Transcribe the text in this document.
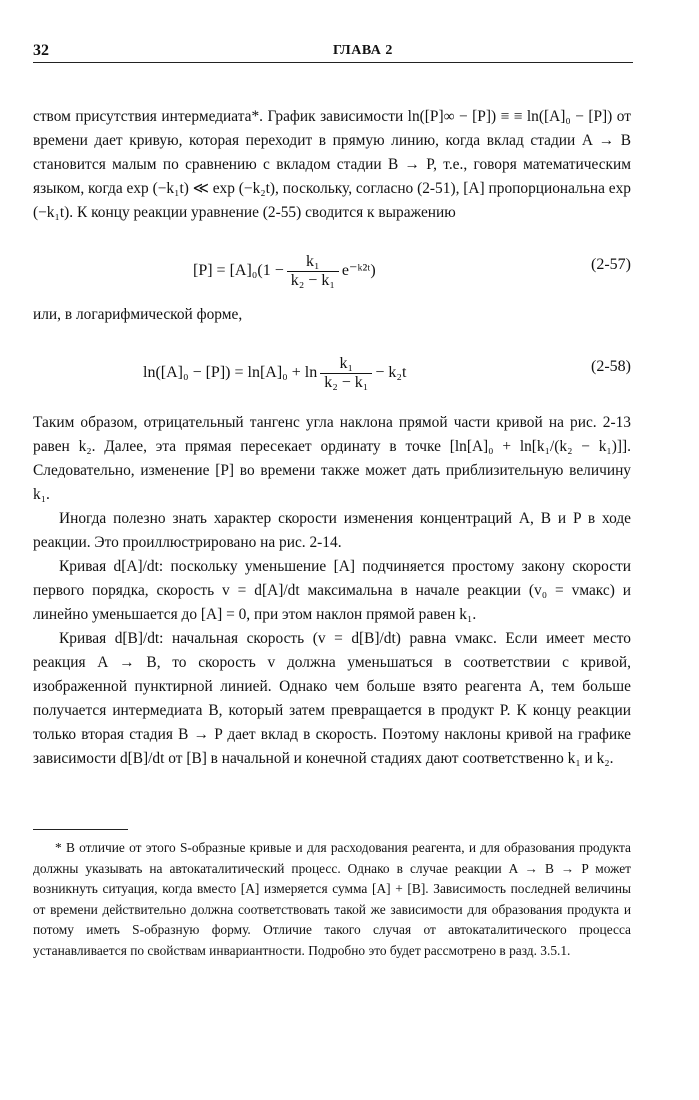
32	ГЛАВА 2

ством присутствия интермедиата*. График зависимости ln([P]∞ − [P]) ≡ ≡ ln([A]₀ − [P]) от времени дает кривую, которая переходит в прямую линию, когда вклад стадии A → B становится малым по сравнению с вкладом стадии B → P, т.е., говоря математическим языком, когда exp (−k₁t) ≪ exp (−k₂t), поскольку, согласно (2-51), [A] пропорциональна exp (−k₁t). К концу реакции уравнение (2-55) сводится к выражению

$[P] = [A]_0(1 - \frac{\text{k₁}}{\text{k₂ − k₁}}$ e⁻ᵏ²ᵗ)	(2-57)

или, в логарифмической форме,

$\ln([A]_0 - [P]) = \ln[A]_0 + \ln \frac{\text{k₁}}{\text{k₂ − k₁}} - k_2t$	(2-58)

Таким образом, отрицательный тангенс угла наклона прямой части кривой на рис. 2-13 равен k₂. Далее, эта прямая пересекает ординату в точке [ln[A]₀ + ln[k₁/(k₂ − k₁)]]. Следовательно, изменение [P] во времени также может дать приблизительную величину k₁.

Иногда полезно знать характер скорости изменения концентраций A, B и P в ходе реакции. Это проиллюстрировано на рис. 2-14.

Кривая d[A]/dt: поскольку уменьшение [A] подчиняется простому закону скорости первого порядка, скорость v = d[A]/dt максимальна в начале реакции (v₀ = vмакс) и линейно уменьшается до [A] = 0, при этом наклон прямой равен k₁.

Кривая d[B]/dt: начальная скорость (v = d[B]/dt) равна vмакс. Если имеет место реакция A → B, то скорость v должна уменьшаться в соответствии с кривой, изображенной пунктирной линией. Однако чем больше взято реагента A, тем больше получается интермедиата B, который затем превращается в продукт P. К концу реакции только вторая стадия B → P дает вклад в скорость. Поэтому наклоны кривой на графике зависимости d[B]/dt от [B] в начальной и конечной стадиях дают соответственно k₁ и k₂.

* В отличие от этого S-образные кривые и для расходования реагента, и для образования продукта должны указывать на автокаталитический процесс. Однако в случае реакции A → B → P может возникнуть ситуация, когда вместо [A] измеряется сумма [A] + [B]. Зависимость последней величины от времени действительно должна соответствовать такой же зависимости для образования продукта и потому иметь S-образную форму. Отличие такого случая от автокаталитического процесса устанавливается по свойствам инвариантности. Подробно это будет рассмотрено в разд. 3.5.1.
